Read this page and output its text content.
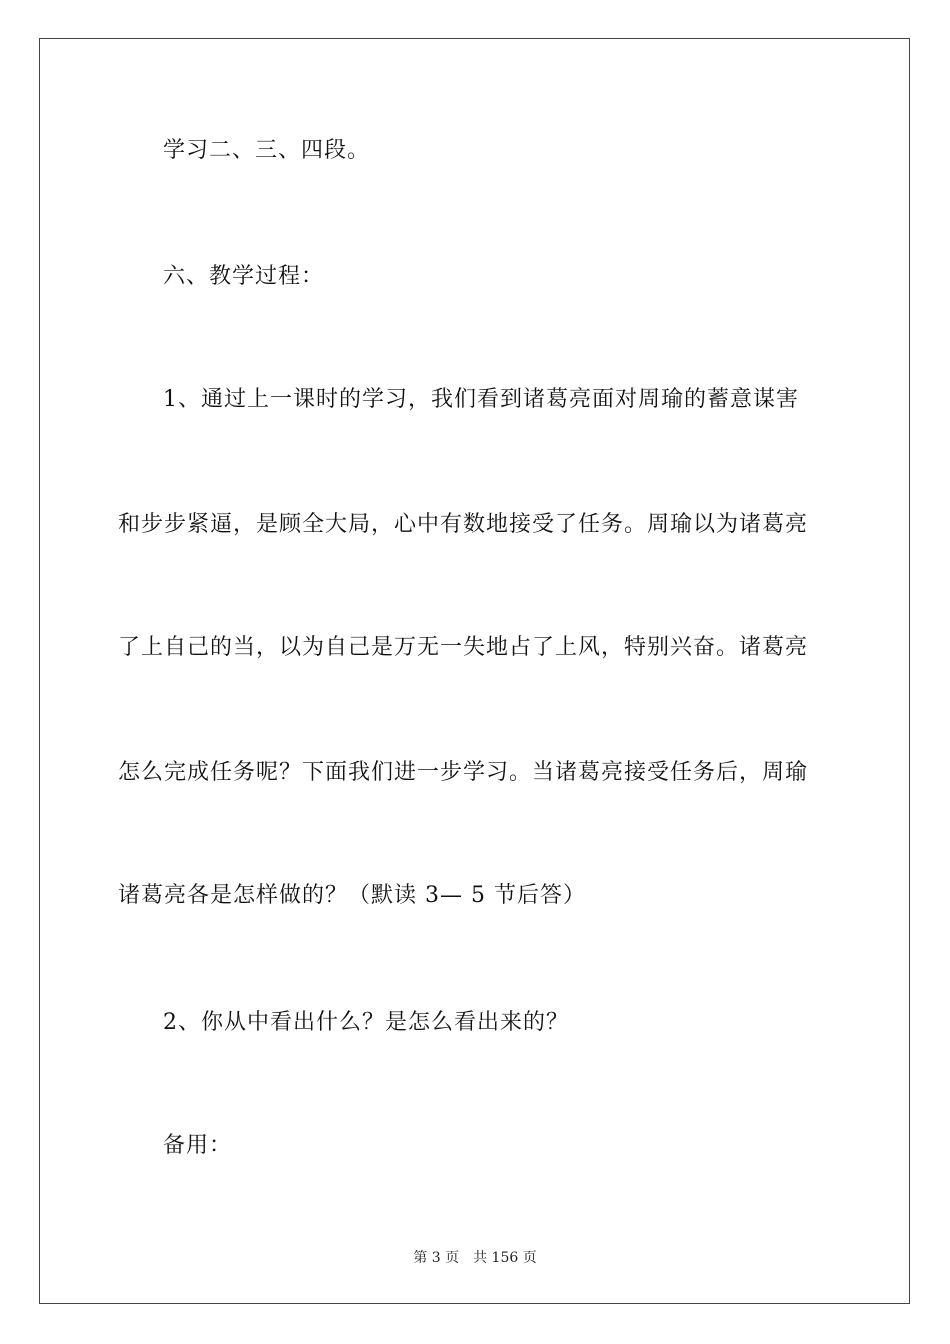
学习二、三、四段。
六、教学过程：
1、通过上一课时的学习，我们看到诸葛亮面对周瑜的蓄意谋害
和步步紧逼，是顾全大局，心中有数地接受了任务。周瑜以为诸葛亮
了上自己的当，以为自己是万无一失地占了上风，特别兴奋。诸葛亮
怎么完成任务呢？下面我们进一步学习。当诸葛亮接受任务后，周瑜
诸葛亮各是怎样做的？（默读 3— 5 节后答）
2、你从中看出什么？是怎么看出来的？
备用：
第 3 页 共 156 页
